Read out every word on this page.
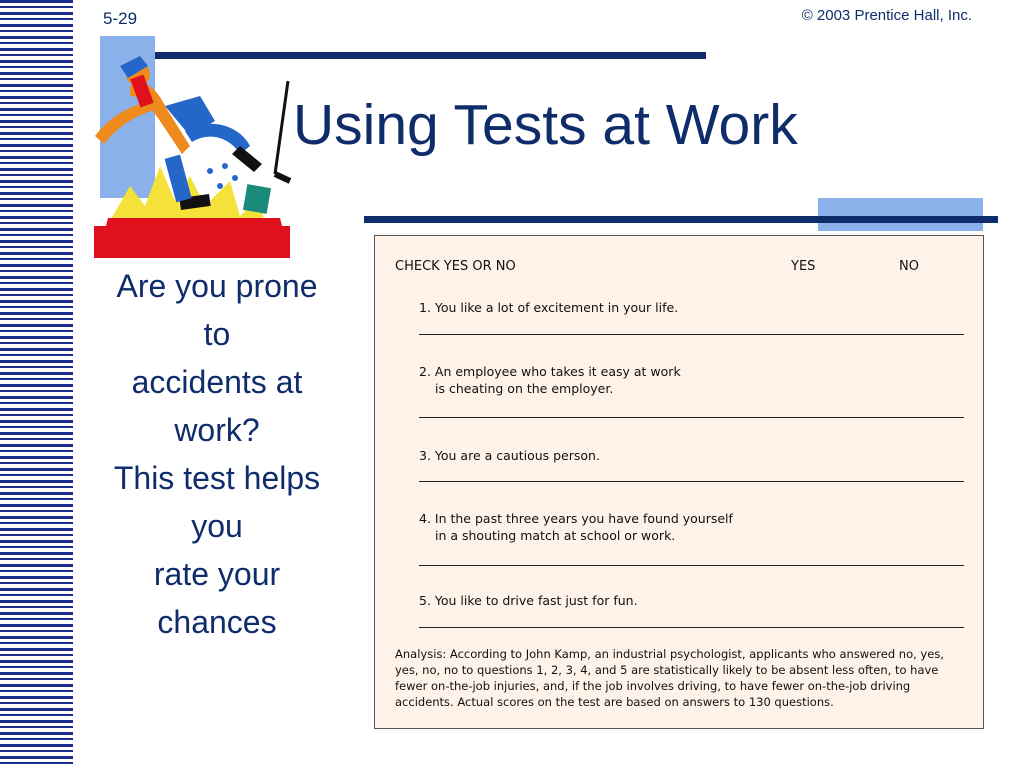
5-29	© 2003 Prentice Hall, Inc.
Using Tests at Work
Are you prone
to
accidents at
work?
This test helps
you
rate your
chances
CHECK YES OR NO	YES	NO
1. You like a lot of excitement in your life.
2. An employee who takes it easy at work
is cheating on the employer.
3. You are a cautious person.
4. In the past three years you have found yourself
in a shouting match at school or work.
5. You like to drive fast just for fun.
Analysis: According to John Kamp, an industrial psychologist, applicants who answered no, yes, yes, no, no to questions 1, 2, 3, 4, and 5 are statistically likely to be absent less often, to have fewer on-the-job injuries, and, if the job involves driving, to have fewer on-the-job driving accidents. Actual scores on the test are based on answers to 130 questions.
